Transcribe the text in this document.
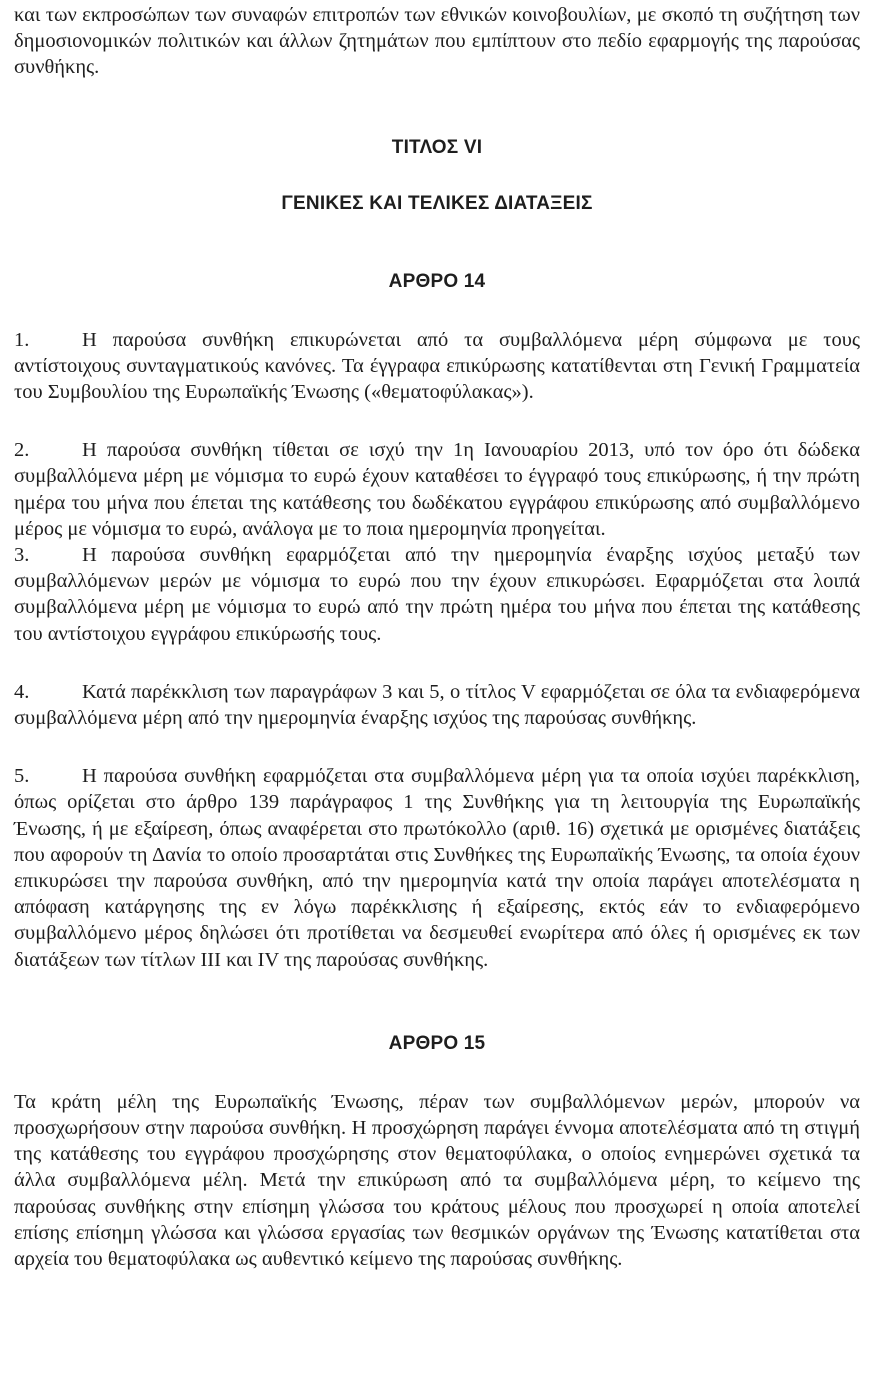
και των εκπροσώπων των συναφών επιτροπών των εθνικών κοινοβουλίων, με σκοπό τη συζήτηση των δημοσιονομικών πολιτικών και άλλων ζητημάτων που εμπίπτουν στο πεδίο εφαρμογής της παρούσας συνθήκης.

ΤΙΤΛΟΣ VI
ΓΕΝΙΚΕΣ ΚΑΙ ΤΕΛΙΚΕΣ ΔΙΑΤΑΞΕΙΣ
ΑΡΘΡΟ 14

1.	Η παρούσα συνθήκη επικυρώνεται από τα συμβαλλόμενα μέρη σύμφωνα με τους αντίστοιχους συνταγματικούς κανόνες. Τα έγγραφα επικύρωσης κατατίθενται στη Γενική Γραμματεία του Συμβουλίου της Ευρωπαϊκής Ένωσης («θεματοφύλακας»).

2.	Η παρούσα συνθήκη τίθεται σε ισχύ την 1η Ιανουαρίου 2013, υπό τον όρο ότι δώδεκα συμβαλλόμενα μέρη με νόμισμα το ευρώ έχουν καταθέσει το έγγραφό τους επικύρωσης, ή την πρώτη ημέρα του μήνα που έπεται της κατάθεσης του δωδέκατου εγγράφου επικύρωσης από συμβαλλόμενο μέρος με νόμισμα το ευρώ, ανάλογα με το ποια ημερομηνία προηγείται.

3.	Η παρούσα συνθήκη εφαρμόζεται από την ημερομηνία έναρξης ισχύος μεταξύ των συμβαλλόμενων μερών με νόμισμα το ευρώ που την έχουν επικυρώσει. Εφαρμόζεται στα λοιπά συμβαλλόμενα μέρη με νόμισμα το ευρώ από την πρώτη ημέρα του μήνα που έπεται της κατάθεσης του αντίστοιχου εγγράφου επικύρωσής τους.

4.	Κατά παρέκκλιση των παραγράφων 3 και 5, ο τίτλος V εφαρμόζεται σε όλα τα ενδιαφερόμενα συμβαλλόμενα μέρη από την ημερομηνία έναρξης ισχύος της παρούσας συνθήκης.

5.	Η παρούσα συνθήκη εφαρμόζεται στα συμβαλλόμενα μέρη για τα οποία ισχύει παρέκκλιση, όπως ορίζεται στο άρθρο 139 παράγραφος 1 της Συνθήκης για τη λειτουργία της Ευρωπαϊκής Ένωσης, ή με εξαίρεση, όπως αναφέρεται στο πρωτόκολλο (αριθ. 16) σχετικά με ορισμένες διατάξεις που αφορούν τη Δανία το οποίο προσαρτάται στις Συνθήκες της Ευρωπαϊκής Ένωσης, τα οποία έχουν επικυρώσει την παρούσα συνθήκη, από την ημερομηνία κατά την οποία παράγει αποτελέσματα η απόφαση κατάργησης της εν λόγω παρέκκλισης ή εξαίρεσης, εκτός εάν το ενδιαφερόμενο συμβαλλόμενο μέρος δηλώσει ότι προτίθεται να δεσμευθεί ενωρίτερα από όλες ή ορισμένες εκ των διατάξεων των τίτλων III και IV της παρούσας συνθήκης.

ΑΡΘΡΟ 15

Τα κράτη μέλη της Ευρωπαϊκής Ένωσης, πέραν των συμβαλλόμενων μερών, μπορούν να προσχωρήσουν στην παρούσα συνθήκη. Η προσχώρηση παράγει έννομα αποτελέσματα από τη στιγμή της κατάθεσης του εγγράφου προσχώρησης στον θεματοφύλακα, ο οποίος ενημερώνει σχετικά τα άλλα συμβαλλόμενα μέλη. Μετά την επικύρωση από τα συμβαλλόμενα μέρη, το κείμενο της παρούσας συνθήκης στην επίσημη γλώσσα του κράτους μέλους που προσχωρεί η οποία αποτελεί επίσης επίσημη γλώσσα και γλώσσα εργασίας των θεσμικών οργάνων της Ένωσης κατατίθεται στα αρχεία του θεματοφύλακα ως αυθεντικό κείμενο της παρούσας συνθήκης.
